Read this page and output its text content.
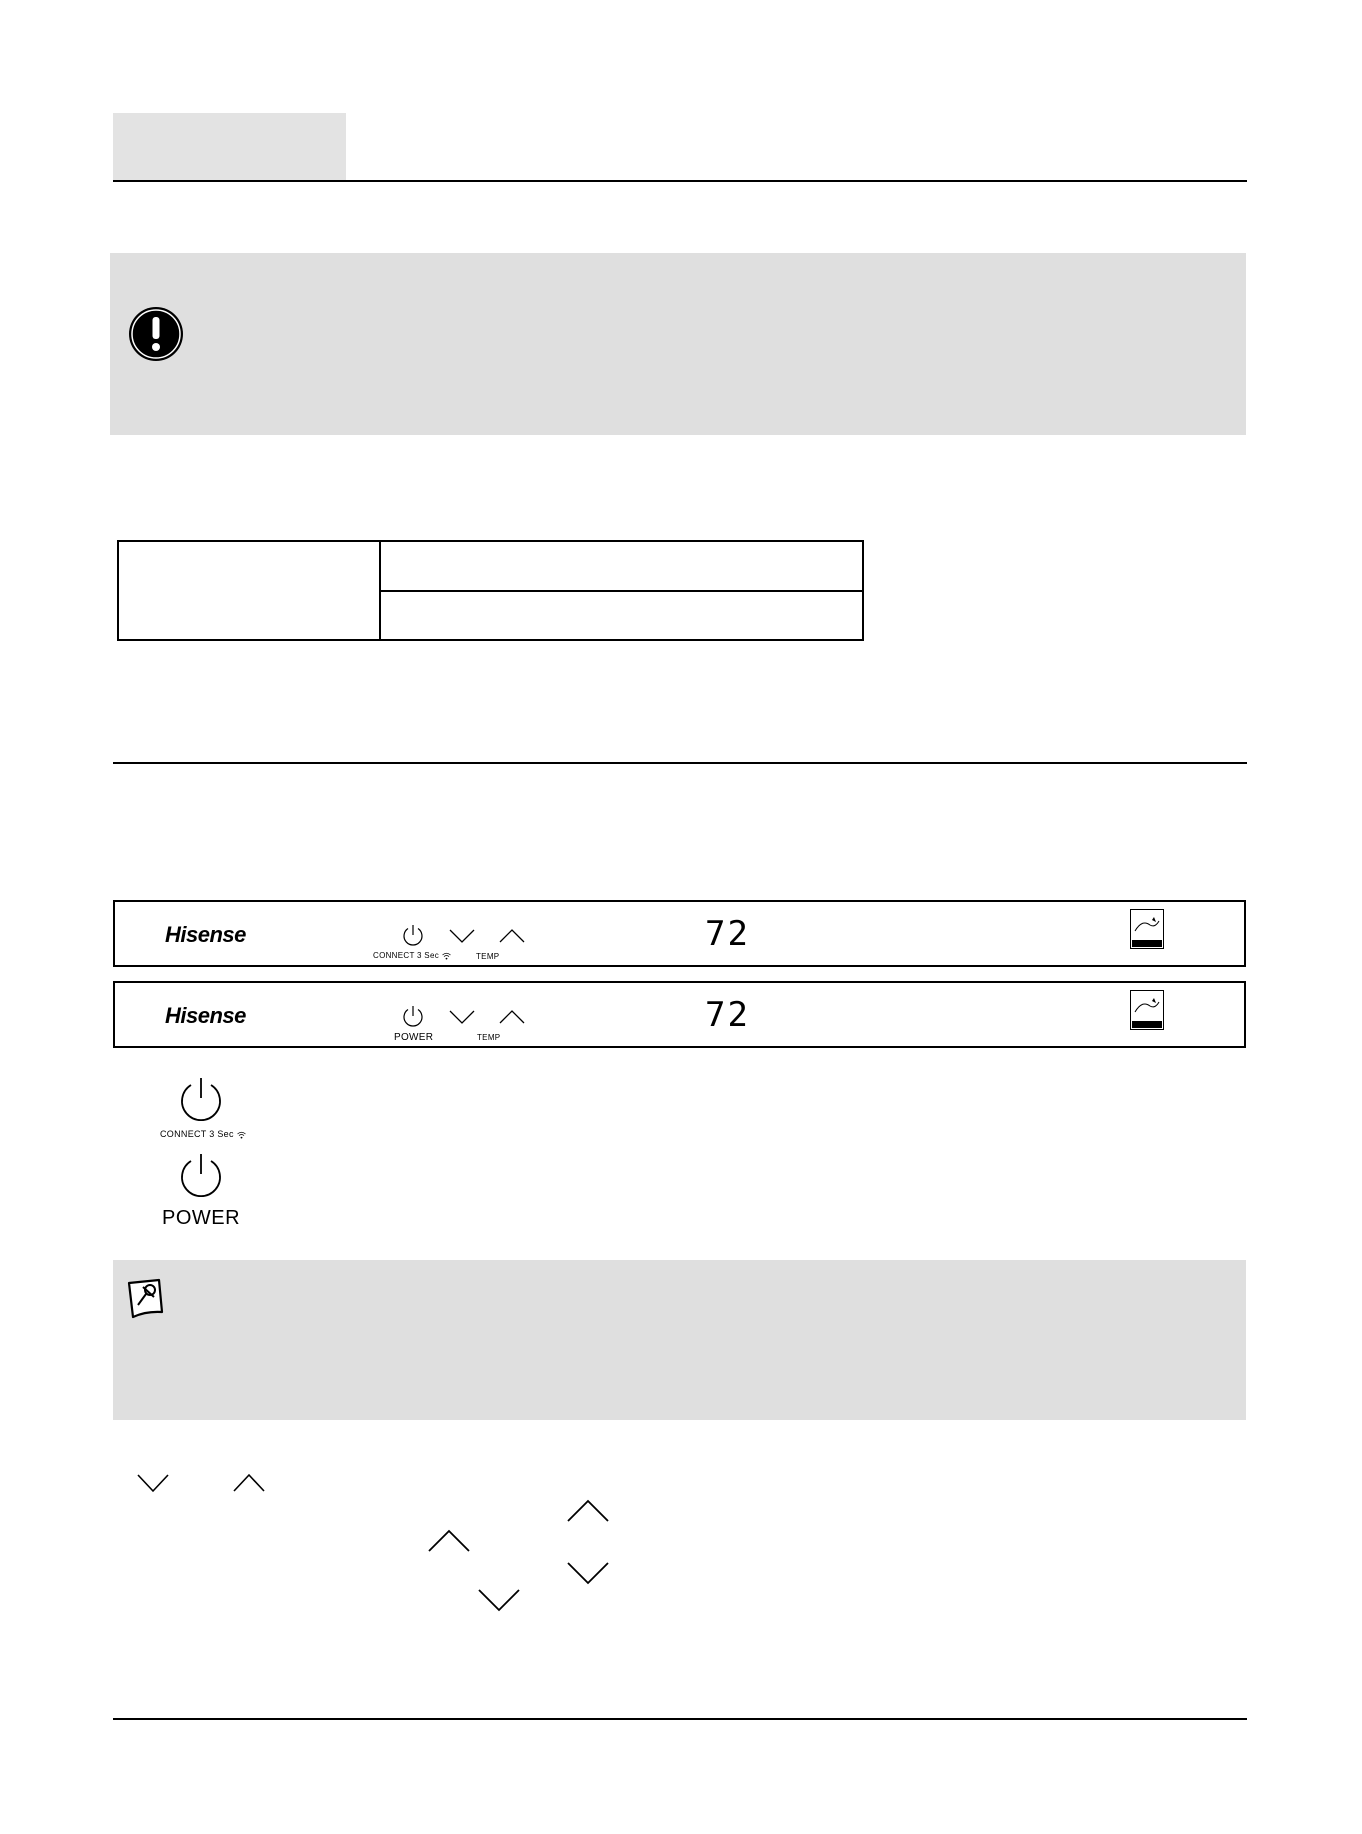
Hisense
CONNECT 3 Sec	TEMP
72
Hisense
POWER	TEMP
72
CONNECT 3 Sec
POWER
